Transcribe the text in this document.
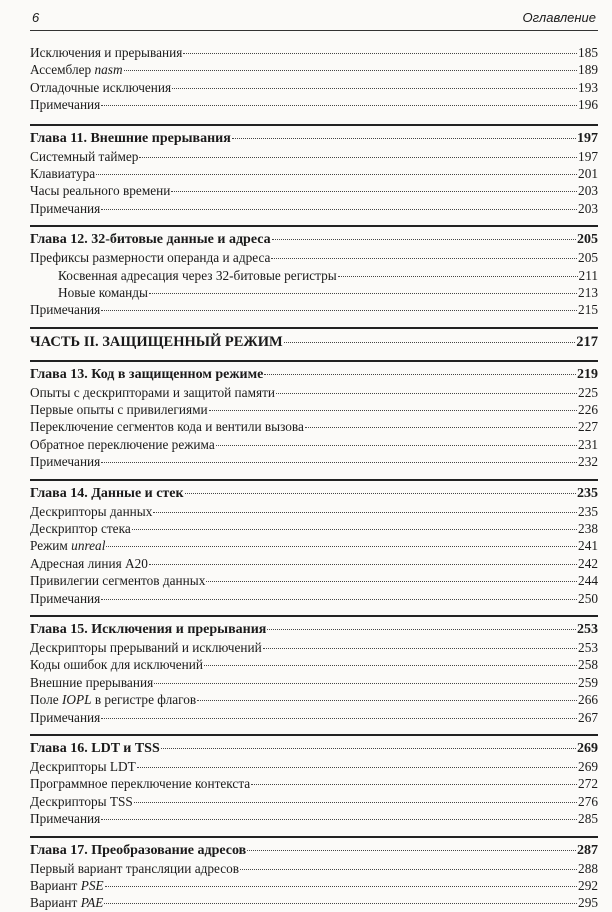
6	Оглавление
Исключения и прерывания	185
Ассемблер nasm	189
Отладочные исключения	193
Примечания	196
Глава 11. Внешние прерывания	197
Системный таймер	197
Клавиатура	201
Часы реального времени	203
Примечания	203
Глава 12. 32-битовые данные и адреса	205
Префиксы размерности операнда и адреса	205
Косвенная адресация через 32-битовые регистры	211
Новые команды	213
Примечания	215
ЧАСТЬ II. ЗАЩИЩЕННЫЙ РЕЖИМ	217
Глава 13. Код в защищенном режиме	219
Опыты с дескрипторами и защитой памяти	225
Первые опыты с привилегиями	226
Переключение сегментов кода и вентили вызова	227
Обратное переключение режима	231
Примечания	232
Глава 14. Данные и стек	235
Дескрипторы данных	235
Дескриптор стека	238
Режим unreal	241
Адресная линия A20	242
Привилегии сегментов данных	244
Примечания	250
Глава 15. Исключения и прерывания	253
Дескрипторы прерываний и исключений	253
Коды ошибок для исключений	258
Внешние прерывания	259
Поле IOPL в регистре флагов	266
Примечания	267
Глава 16. LDT и TSS	269
Дескрипторы LDT	269
Программное переключение контекста	272
Дескрипторы TSS	276
Примечания	285
Глава 17. Преобразование адресов	287
Первый вариант трансляции адресов	288
Вариант PSE	292
Вариант PAE	295
